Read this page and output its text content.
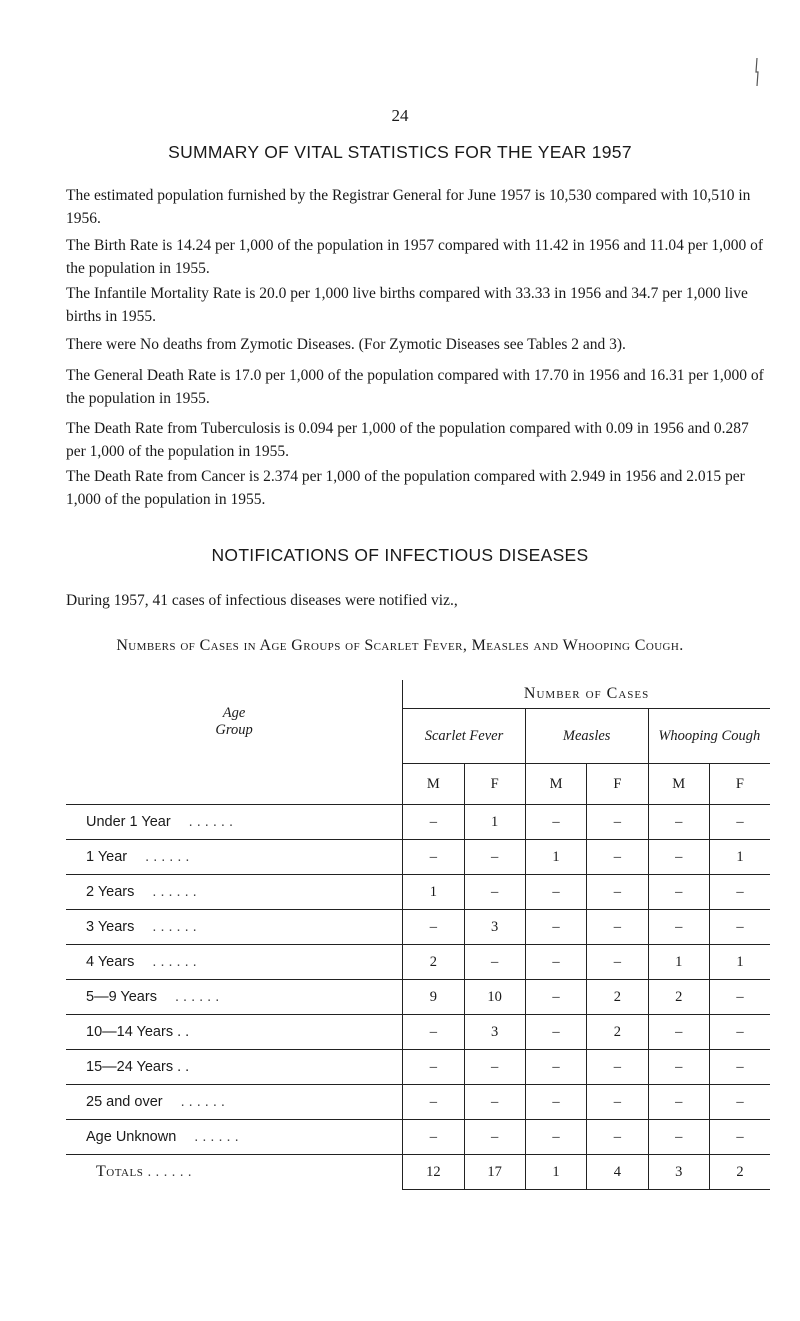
24
SUMMARY OF VITAL STATISTICS FOR THE YEAR 1957

The estimated population furnished by the Registrar General for June 1957 is 10,530 compared with 10,510 in 1956.

The Birth Rate is 14.24 per 1,000 of the population in 1957 compared with 11.42 in 1956 and 11.04 per 1,000 of the population in 1955.

The Infantile Mortality Rate is 20.0 per 1,000 live births compared with 33.33 in 1956 and 34.7 per 1,000 live births in 1955.

There were No deaths from Zymotic Diseases. (For Zymotic Diseases see Tables 2 and 3).

The General Death Rate is 17.0 per 1,000 of the population compared with 17.70 in 1956 and 16.31 per 1,000 of the population in 1955.

The Death Rate from Tuberculosis is 0.094 per 1,000 of the population compared with 0.09 in 1956 and 0.287 per 1,000 of the population in 1955.

The Death Rate from Cancer is 2.374 per 1,000 of the population compared with 2.949 in 1956 and 2.015 per 1,000 of the population in 1955.

NOTIFICATIONS OF INFECTIOUS DISEASES

During 1957, 41 cases of infectious diseases were notified viz.,

Numbers of Cases in Age Groups of Scarlet Fever, Measles and Whooping Cough.
Age
Group	Number of Cases					
	Scarlet Fever		Measles		Whooping Cough	
	M	F	M	F	M	F
Under 1 Year . . . . . .	–	1	–	–	–	–
1 Year . . . . . .	–	–	1	–	–	1
2 Years . . . . . .	1	–	–	–	–	–
3 Years . . . . . .	–	3	–	–	–	–
4 Years . . . . . .	2	–	–	–	1	1
5—9 Years . . . . . .	9	10	–	2	2	–
10—14 Years . .	–	3	–	2	–	–
15—24 Years . .	–	–	–	–	–	–
25 and over . . . . . .	–	–	–	–	–	–
Age Unknown . . . . . .	–	–	–	–	–	–
Totals . . . . . .	12	17	1	4	3	2
